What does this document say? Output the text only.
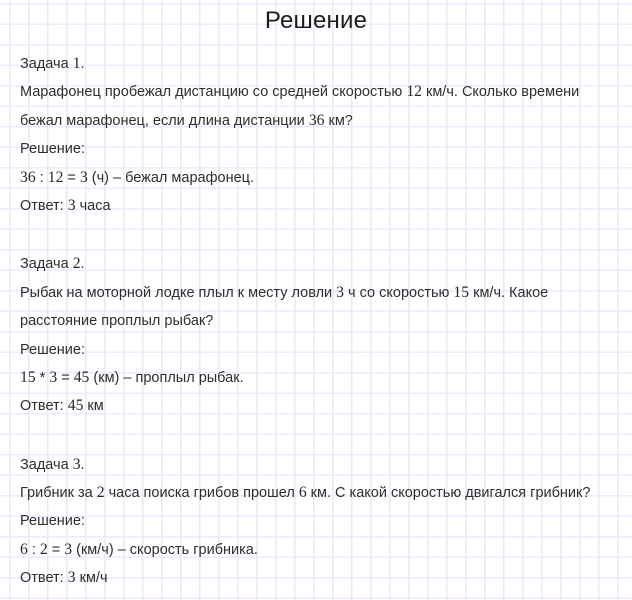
Решение
Задача 1.
Марафонец пробежал дистанцию со средней скоростью 12 км/ч. Сколько времени
бежал марафонец, если длина дистанции 36 км?
Решение:
36 : 12 = 3 (ч) – бежал марафонец.
Ответ: 3 часа
Задача 2.
Рыбак на моторной лодке плыл к месту ловли 3 ч со скоростью 15 км/ч. Какое
расстояние проплыл рыбак?
Решение:
15 * 3 = 45 (км) – проплыл рыбак.
Ответ: 45 км
Задача 3.
Грибник за 2 часа поиска грибов прошел 6 км. С какой скоростью двигался грибник?
Решение:
6 : 2 = 3 (км/ч) – скорость грибника.
Ответ: 3 км/ч
